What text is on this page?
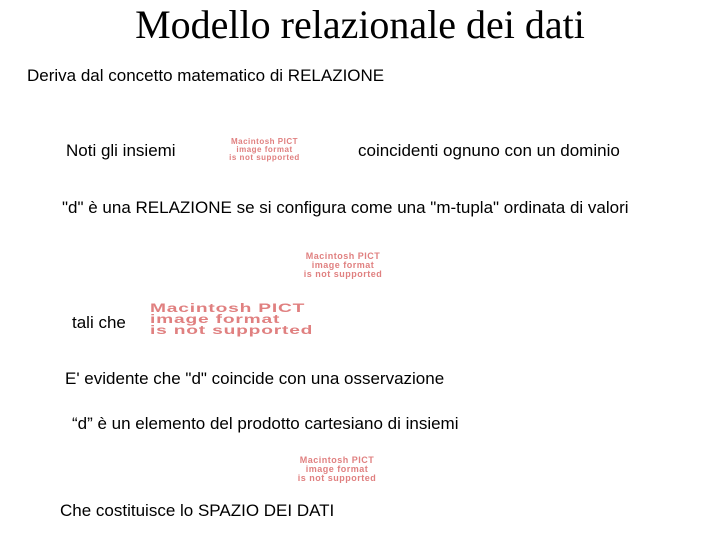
Modello relazionale dei dati
Deriva dal concetto matematico di RELAZIONE
Noti gli insiemi	Macintosh PICT
image format
is not supported	coincidenti ognuno con un dominio
"d" è una RELAZIONE se si configura come una "m-tupla" ordinata di valori
Macintosh PICT
image format
is not supported
tali che
Macintosh PICT
image format
is not supported
E' evidente che "d" coincide con una osservazione
“d” è un elemento del prodotto cartesiano di insiemi
Macintosh PICT
image format
is not supported
Che costituisce lo SPAZIO DEI DATI
